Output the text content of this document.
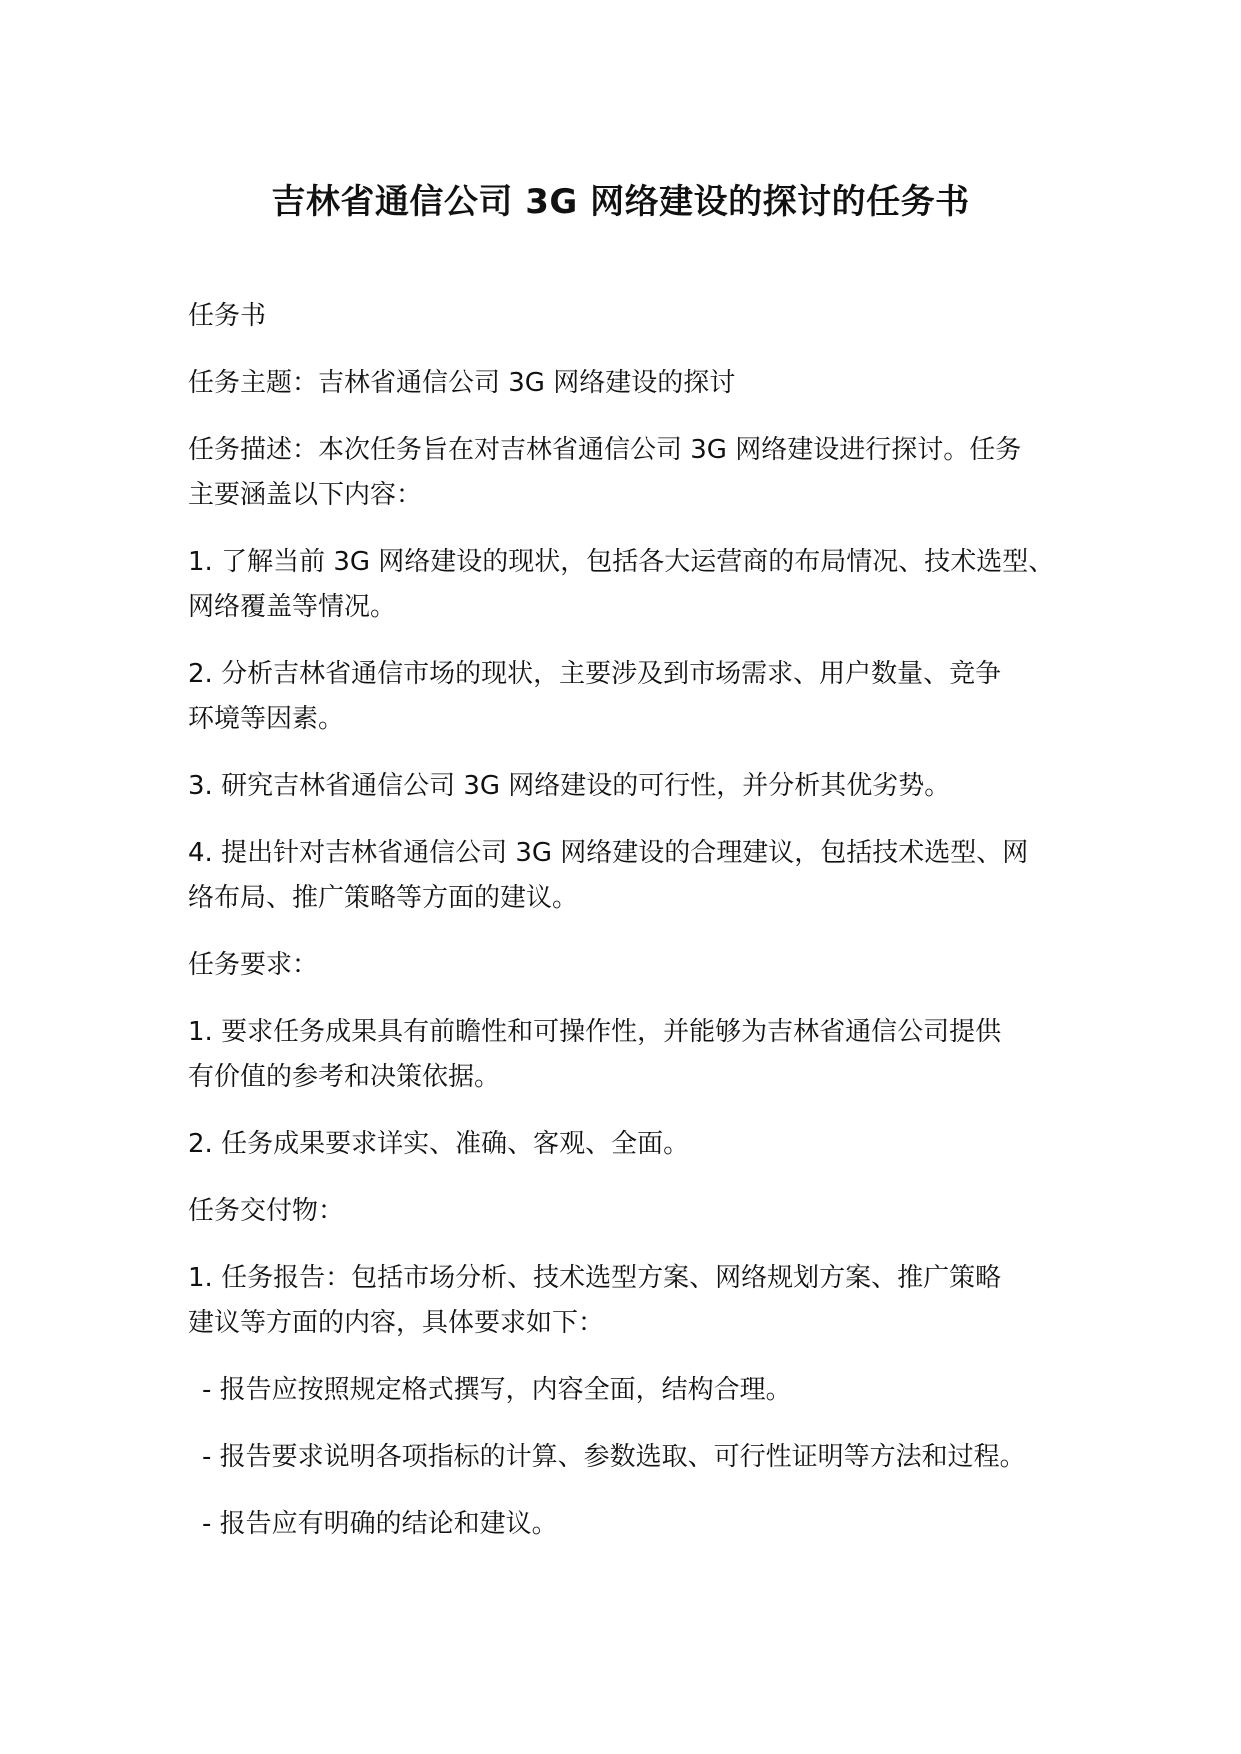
吉林省通信公司 3G 网络建设的探讨的任务书

任务书

任务主题：吉林省通信公司 3G 网络建设的探讨

任务描述：本次任务旨在对吉林省通信公司 3G 网络建设进行探讨。任务
主要涵盖以下内容：

1. 了解当前 3G 网络建设的现状，包括各大运营商的布局情况、技术选型、
网络覆盖等情况。

2. 分析吉林省通信市场的现状，主要涉及到市场需求、用户数量、竞争
环境等因素。

3. 研究吉林省通信公司 3G 网络建设的可行性，并分析其优劣势。

4. 提出针对吉林省通信公司 3G 网络建设的合理建议，包括技术选型、网
络布局、推广策略等方面的建议。

任务要求：

1. 要求任务成果具有前瞻性和可操作性，并能够为吉林省通信公司提供
有价值的参考和决策依据。

2. 任务成果要求详实、准确、客观、全面。

任务交付物：

1. 任务报告：包括市场分析、技术选型方案、网络规划方案、推广策略
建议等方面的内容，具体要求如下：

- 报告应按照规定格式撰写，内容全面，结构合理。

- 报告要求说明各项指标的计算、参数选取、可行性证明等方法和过程。

- 报告应有明确的结论和建议。
